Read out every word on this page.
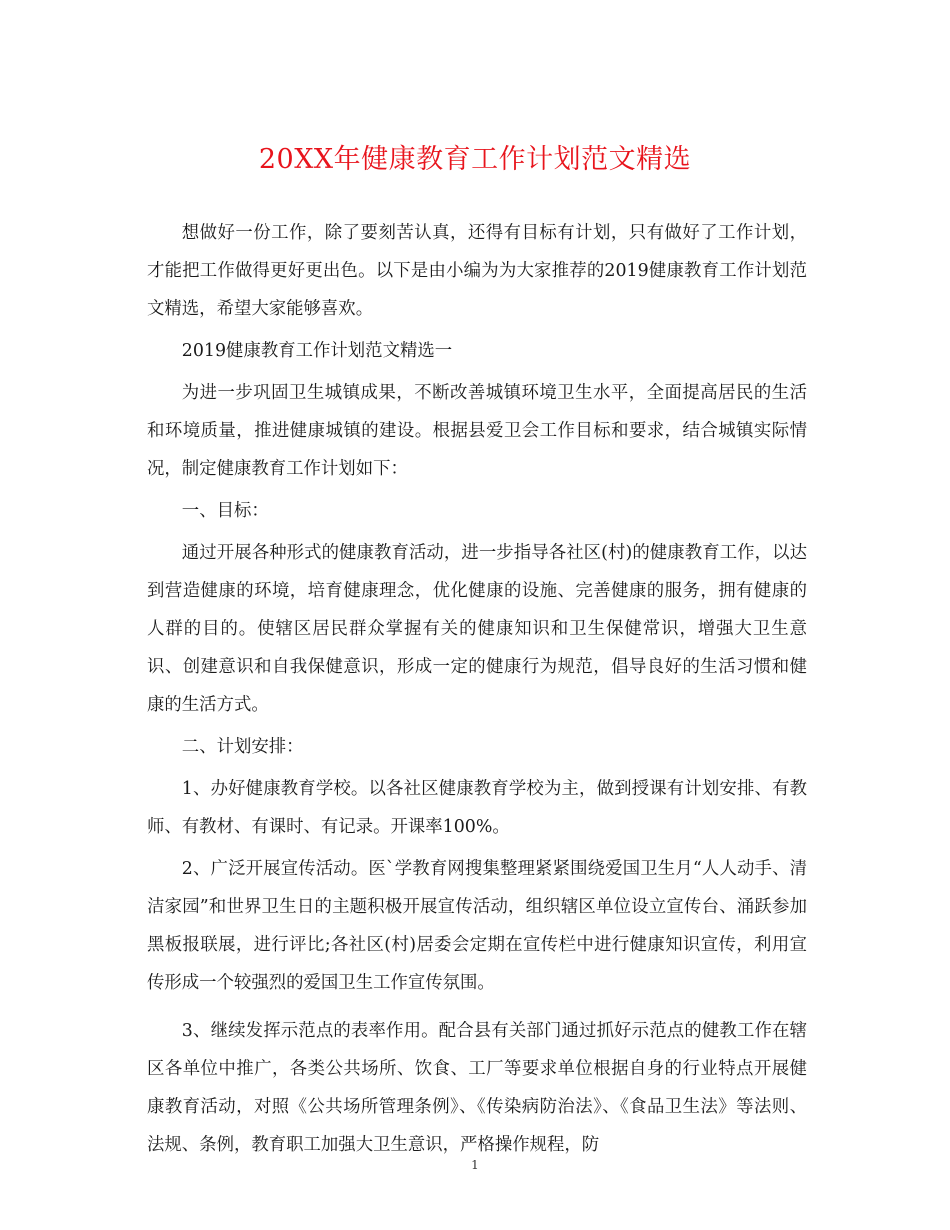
20XX年健康教育工作计划范文精选

想做好一份工作，除了要刻苦认真，还得有目标有计划，只有做好了工作计划，才能把工作做得更好更出色。以下是由小编为为大家推荐的2019健康教育工作计划范文精选，希望大家能够喜欢。

2019健康教育工作计划范文精选一

为进一步巩固卫生城镇成果，不断改善城镇环境卫生水平，全面提高居民的生活和环境质量，推进健康城镇的建设。根据县爱卫会工作目标和要求，结合城镇实际情况，制定健康教育工作计划如下：

一、目标：

通过开展各种形式的健康教育活动，进一步指导各社区(村)的健康教育工作，以达到营造健康的环境，培育健康理念，优化健康的设施、完善健康的服务，拥有健康的人群的目的。使辖区居民群众掌握有关的健康知识和卫生保健常识，增强大卫生意识、创建意识和自我保健意识，形成一定的健康行为规范，倡导良好的生活习惯和健康的生活方式。

二、计划安排：

1、办好健康教育学校。以各社区健康教育学校为主，做到授课有计划安排、有教师、有教材、有课时、有记录。开课率100%。

2、广泛开展宣传活动。医`学教育网搜集整理紧紧围绕爱国卫生月“人人动手、清洁家园”和世界卫生日的主题积极开展宣传活动，组织辖区单位设立宣传台、涌跃参加黑板报联展，进行评比;各社区(村)居委会定期在宣传栏中进行健康知识宣传，利用宣传形成一个较强烈的爱国卫生工作宣传氛围。

3、继续发挥示范点的表率作用。配合县有关部门通过抓好示范点的健教工作在辖区各单位中推广，各类公共场所、饮食、工厂等要求单位根据自身的行业特点开展健康教育活动，对照《公共场所管理条例》、《传染病防治法》、《食品卫生法》等法则、法规、条例，教育职工加强大卫生意识，严格操作规程，防

1
